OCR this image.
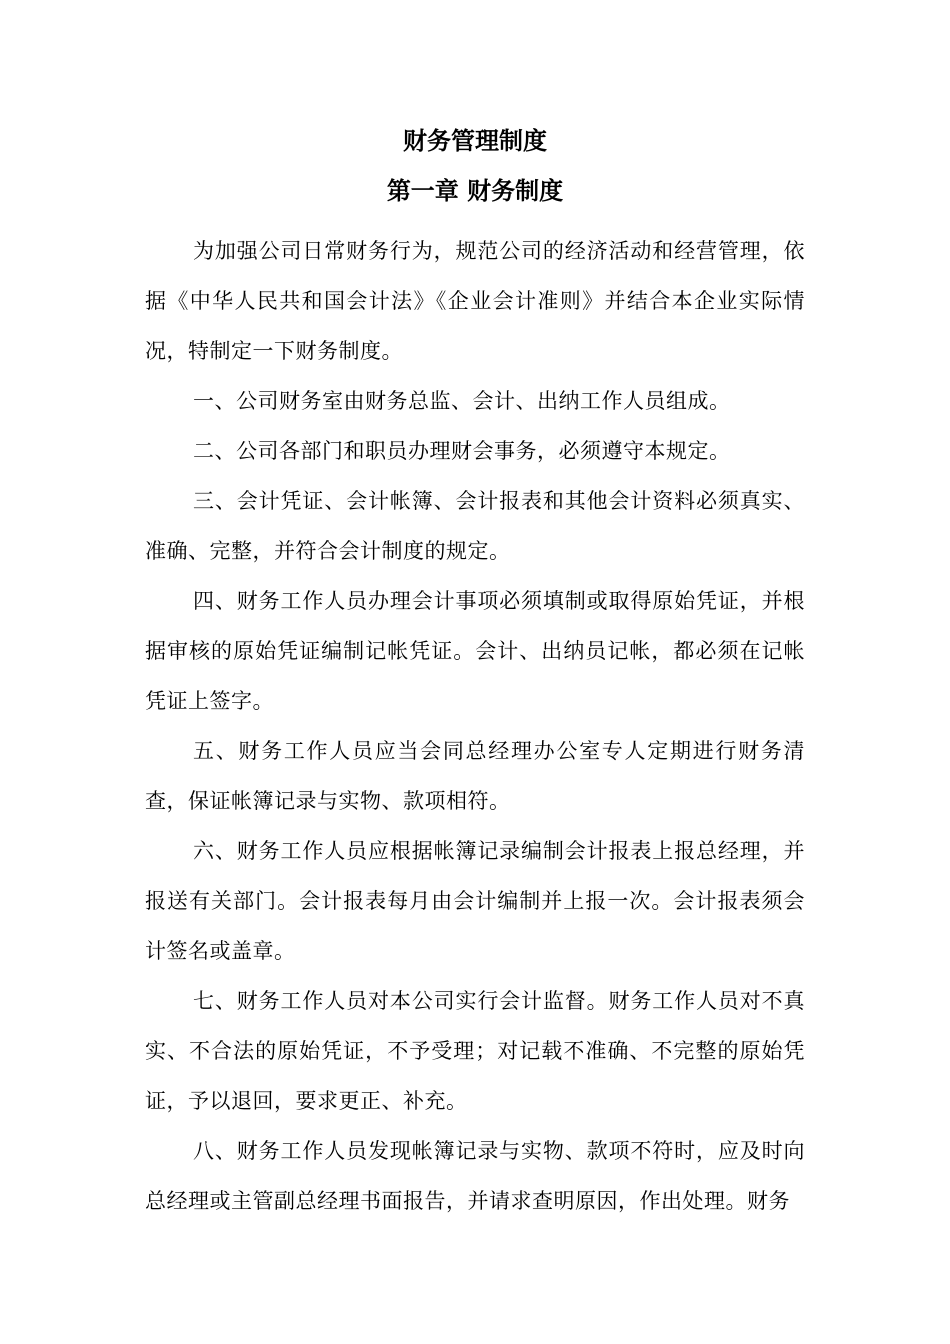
财务管理制度
第一章 财务制度

为加强公司日常财务行为，规范公司的经济活动和经营管理，依据《中华人民共和国会计法》《企业会计准则》并结合本企业实际情况，特制定一下财务制度。

一、公司财务室由财务总监、会计、出纳工作人员组成。

二、公司各部门和职员办理财会事务，必须遵守本规定。

三、会计凭证、会计帐簿、会计报表和其他会计资料必须真实、准确、完整，并符合会计制度的规定。

四、财务工作人员办理会计事项必须填制或取得原始凭证，并根据审核的原始凭证编制记帐凭证。会计、出纳员记帐，都必须在记帐凭证上签字。

五、财务工作人员应当会同总经理办公室专人定期进行财务清查，保证帐簿记录与实物、款项相符。

六、财务工作人员应根据帐簿记录编制会计报表上报总经理，并报送有关部门。会计报表每月由会计编制并上报一次。会计报表须会计签名或盖章。

七、财务工作人员对本公司实行会计监督。财务工作人员对不真实、不合法的原始凭证，不予受理；对记载不准确、不完整的原始凭证，予以退回，要求更正、补充。

八、财务工作人员发现帐簿记录与实物、款项不符时，应及时向总经理或主管副总经理书面报告，并请求查明原因，作出处理。财务
